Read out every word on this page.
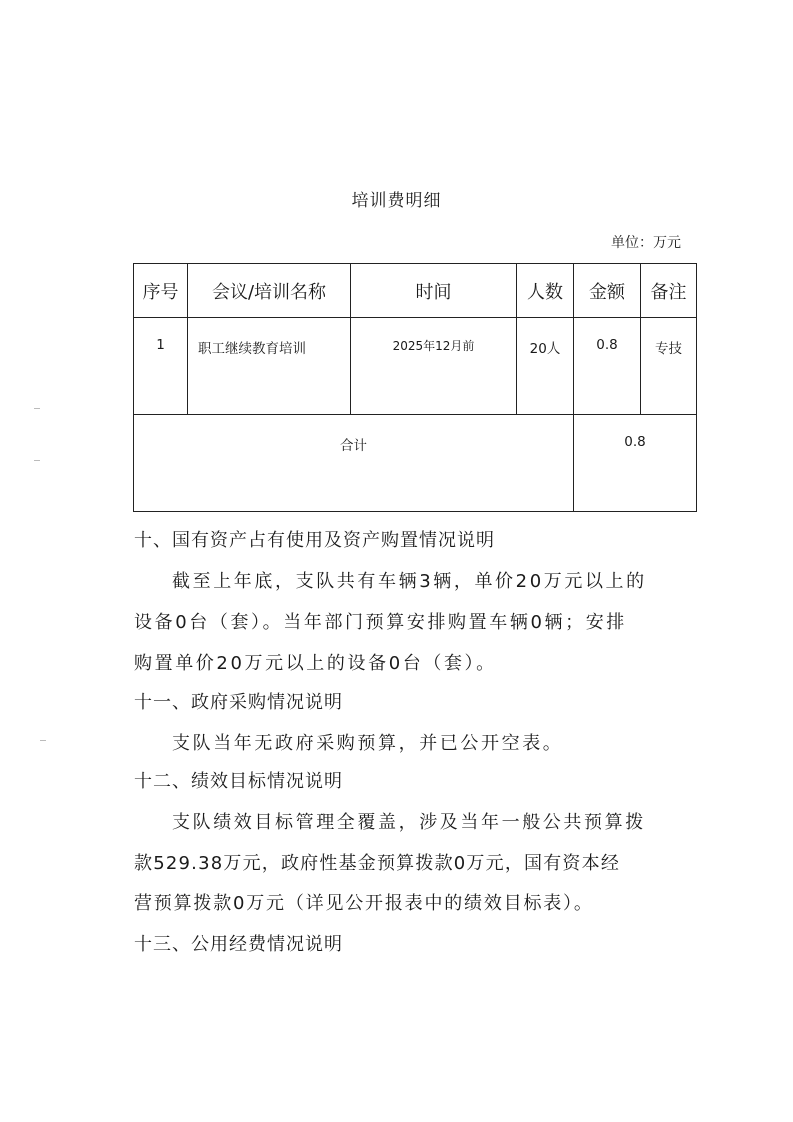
培训费明细
单位：万元
序号	会议/培训名称	时间	人数	金额	备注
1	职工继续教育培训	2025年12月前	20人	0.8	专技
合计				0.8	
十、国有资产占有使用及资产购置情况说明
截至上年底，支队共有车辆3辆，单价20万元以上的
设备0台（套）。当年部门预算安排购置车辆0辆；安排
购置单价20万元以上的设备0台（套）。
十一、政府采购情况说明
支队当年无政府采购预算，并已公开空表。
十二、绩效目标情况说明
支队绩效目标管理全覆盖，涉及当年一般公共预算拨
款529.38万元，政府性基金预算拨款0万元，国有资本经
营预算拨款0万元（详见公开报表中的绩效目标表）。
十三、公用经费情况说明
